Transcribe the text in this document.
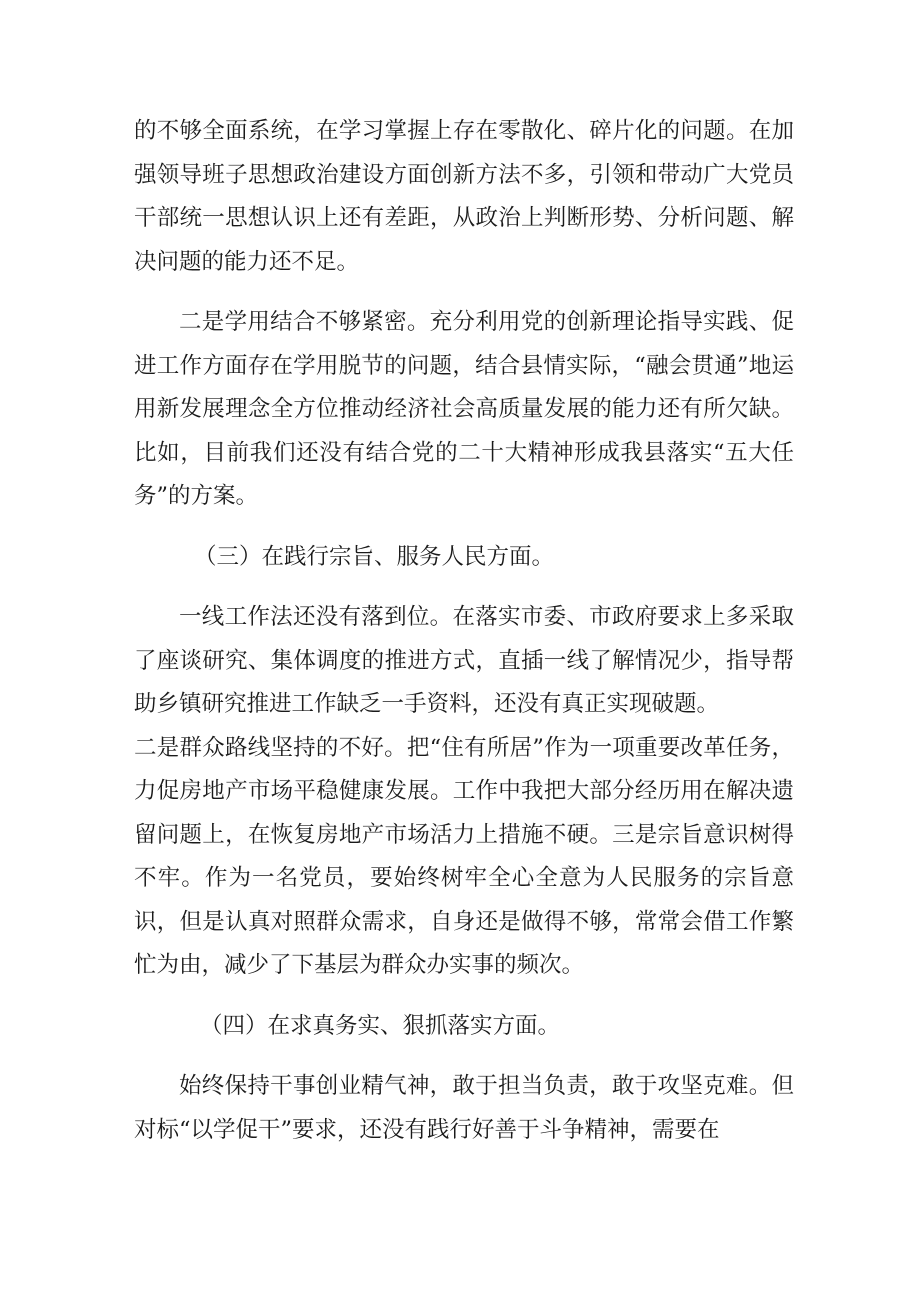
的不够全面系统，在学习掌握上存在零散化、碎片化的问题。在加强领导班子思想政治建设方面创新方法不多，引领和带动广大党员干部统一思想认识上还有差距，从政治上判断形势、分析问题、解决问题的能力还不足。

二是学用结合不够紧密。充分利用党的创新理论指导实践、促进工作方面存在学用脱节的问题，结合县情实际，“融会贯通”地运用新发展理念全方位推动经济社会高质量发展的能力还有所欠缺。比如，目前我们还没有结合党的二十大精神形成我县落实“五大任务”的方案。

（三）在践行宗旨、服务人民方面。

一线工作法还没有落到位。在落实市委、市政府要求上多采取了座谈研究、集体调度的推进方式，直插一线了解情况少，指导帮助乡镇研究推进工作缺乏一手资料，还没有真正实现破题。

二是群众路线坚持的不好。把“住有所居”作为一项重要改革任务，力促房地产市场平稳健康发展。工作中我把大部分经历用在解决遗留问题上，在恢复房地产市场活力上措施不硬。三是宗旨意识树得不牢。作为一名党员，要始终树牢全心全意为人民服务的宗旨意识，但是认真对照群众需求，自身还是做得不够，常常会借工作繁忙为由，减少了下基层为群众办实事的频次。

（四）在求真务实、狠抓落实方面。

始终保持干事创业精气神，敢于担当负责，敢于攻坚克难。但对标“以学促干”要求，还没有践行好善于斗争精神，需要在
